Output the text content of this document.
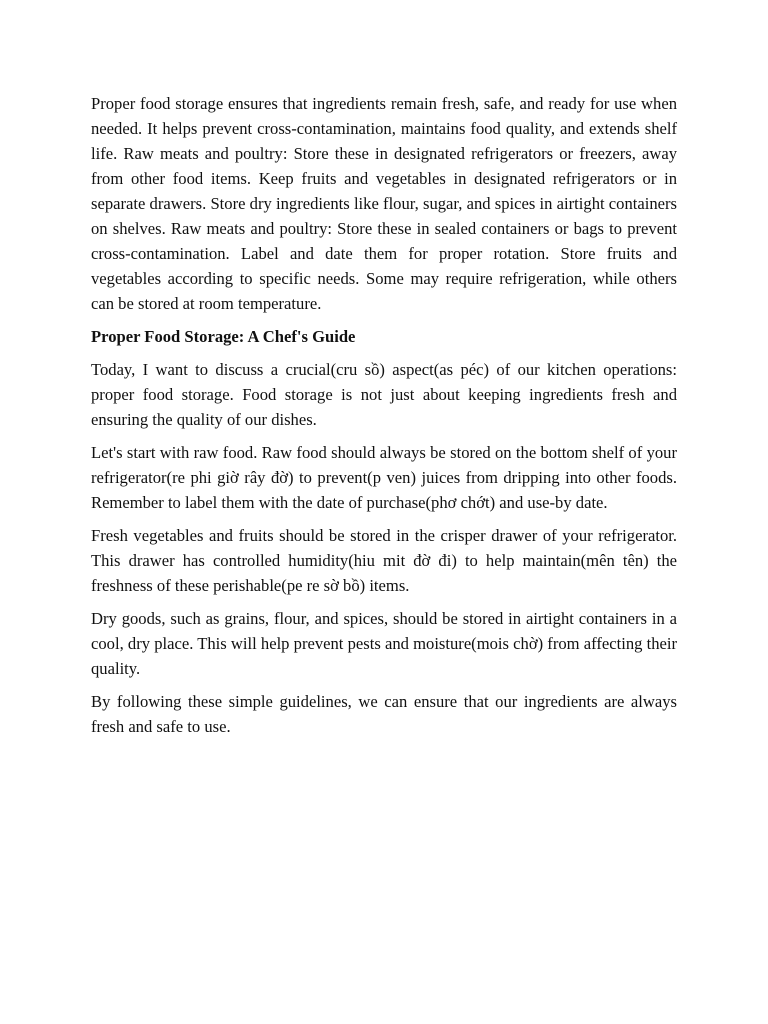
Proper food storage ensures that ingredients remain fresh, safe, and ready for use when needed. It helps prevent cross-contamination, maintains food quality, and extends shelf life. Raw meats and poultry: Store these in designated refrigerators or freezers, away from other food items. Keep fruits and vegetables in designated refrigerators or in separate drawers. Store dry ingredients like flour, sugar, and spices in airtight containers on shelves. Raw meats and poultry: Store these in sealed containers or bags to prevent cross-contamination. Label and date them for proper rotation. Store fruits and vegetables according to specific needs. Some may require refrigeration, while others can be stored at room temperature.

Proper Food Storage: A Chef's Guide

Today, I want to discuss a crucial(cru sồ) aspect(as péc) of our kitchen operations: proper food storage. Food storage is not just about keeping ingredients fresh and ensuring the quality of our dishes.

Let's start with raw food. Raw food should always be stored on the bottom shelf of your refrigerator(re phi giờ rây đờ) to prevent(p ven) juices from dripping into other foods. Remember to label them with the date of purchase(phơ chớt) and use-by date.

Fresh vegetables and fruits should be stored in the crisper drawer of your refrigerator. This drawer has controlled humidity(hiu mit đờ đi) to help maintain(mên tên) the freshness of these perishable(pe re sờ bồ) items.

Dry goods, such as grains, flour, and spices, should be stored in airtight containers in a cool, dry place. This will help prevent pests and moisture(mois chờ) from affecting their quality.

By following these simple guidelines, we can ensure that our ingredients are always fresh and safe to use.
